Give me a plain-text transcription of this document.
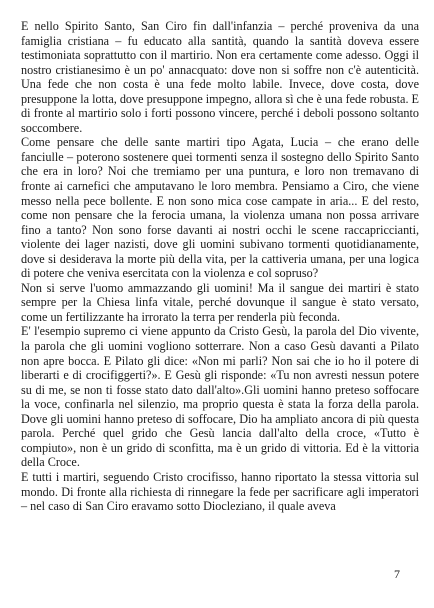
E nello Spirito Santo, San Ciro fin dall'infanzia – perché proveniva da una famiglia cristiana – fu educato alla santità, quando la santità doveva essere testimoniata soprattutto con il martirio. Non era certamente come adesso. Oggi il nostro cristianesimo è un po' annacquato: dove non si soffre non c'è autenticità. Una fede che non costa è una fede molto labile. Invece, dove costa, dove presuppone la lotta, dove presuppone impegno, allora sì che è una fede robusta. E di fronte al martirio solo i forti possono vincere, perché i deboli possono soltanto soccombere.

Come pensare che delle sante martiri tipo Agata, Lucia – che erano delle fanciulle – poterono sostenere quei tormenti senza il sostegno dello Spirito Santo che era in loro? Noi che tremiamo per una puntura, e loro non tremavano di fronte ai carnefici che amputavano le loro membra. Pensiamo a Ciro, che viene messo nella pece bollente. E non sono mica cose campate in aria... E del resto, come non pensare che la ferocia umana, la violenza umana non possa arrivare fino a tanto? Non sono forse davanti ai nostri occhi le scene raccapriccianti, violente dei lager nazisti, dove gli uomini subivano tormenti quotidianamente, dove si desiderava la morte più della vita, per la cattiveria umana, per una logica di potere che veniva esercitata con la violenza e col sopruso?

Non si serve l'uomo ammazzando gli uomini! Ma il sangue dei martiri è stato sempre per la Chiesa linfa vitale, perché dovunque il sangue è stato versato, come un fertilizzante ha irrorato la terra per renderla più feconda.

E' l'esempio supremo ci viene appunto da Cristo Gesù, la parola del Dio vivente, la parola che gli uomini vogliono sotterrare. Non a caso Gesù davanti a Pilato non apre bocca. E Pilato gli dice: «Non mi parli? Non sai che io ho il potere di liberarti e di crocifiggerti?». E Gesù gli risponde: «Tu non avresti nessun potere su di me, se non ti fosse stato dato dall'alto».Gli uomini hanno preteso soffocare la voce, confinarla nel silenzio, ma proprio questa è stata la forza della parola. Dove gli uomini hanno preteso di soffocare, Dio ha ampliato ancora di più questa parola. Perché quel grido che Gesù lancia dall'alto della croce, «Tutto è compiuto», non è un grido di sconfitta, ma è un grido di vittoria. Ed è la vittoria della Croce.

E tutti i martiri, seguendo Cristo crocifisso, hanno riportato la stessa vittoria sul mondo. Di fronte alla richiesta di rinnegare la fede per sacrificare agli imperatori – nel caso di San Ciro eravamo sotto Diocleziano, il quale aveva

7
